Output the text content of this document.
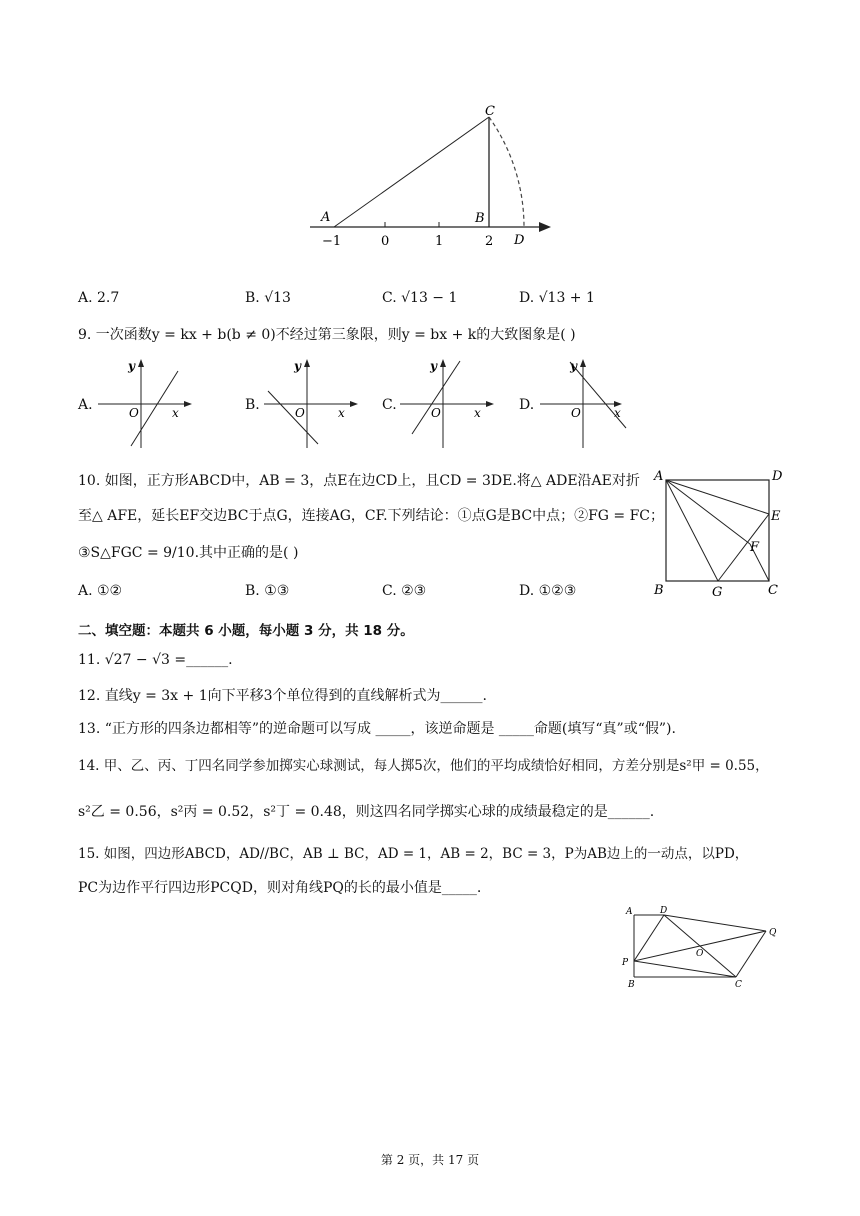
A
C
B
D
−1	0	1	2
A. 2.7	B. √13	C. √13 − 1	D. √13 + 1
9. 一次函数y = kx + b(b ≠ 0)不经过第三象限，则y = bx + k的大致图象是( )
A.
y
x
O	B.
y
x
O	C.
y
x
O	D.
y
x
O
10. 如图，正方形ABCD中，AB = 3，点E在边CD上，且CD = 3DE.将△ ADE沿AE对折
至△ AFE，延长EF交边BC于点G，连接AG，CF.下列结论：①点G是BC中点；②FG = FC；
③S△FGC = 9/10.其中正确的是( )
A. ①②	B. ①③	C. ②③	D. ①②③
A	D
E
F
B	G	C
二、填空题：本题共 6 小题，每小题 3 分，共 18 分。
11. √27 − √3 =______.
12. 直线y = 3x + 1向下平移3个单位得到的直线解析式为______.
13. “正方形的四条边都相等”的逆命题可以写成 _____，该逆命题是 _____命题(填写“真”或“假”).
14. 甲、乙、丙、丁四名同学参加掷实心球测试，每人掷5次，他们的平均成绩恰好相同，方差分别是s²甲 = 0.55，
s²乙 = 0.56，s²丙 = 0.52，s²丁 = 0.48，则这四名同学掷实心球的成绩最稳定的是______.
15. 如图，四边形ABCD，AD//BC，AB ⊥ BC，AD = 1，AB = 2，BC = 3，P为AB边上的一动点，以PD，
PC为边作平行四边形PCQD，则对角线PQ的长的最小值是_____.
A	D
Q
O
P
B	C
第 2 页，共 17 页
